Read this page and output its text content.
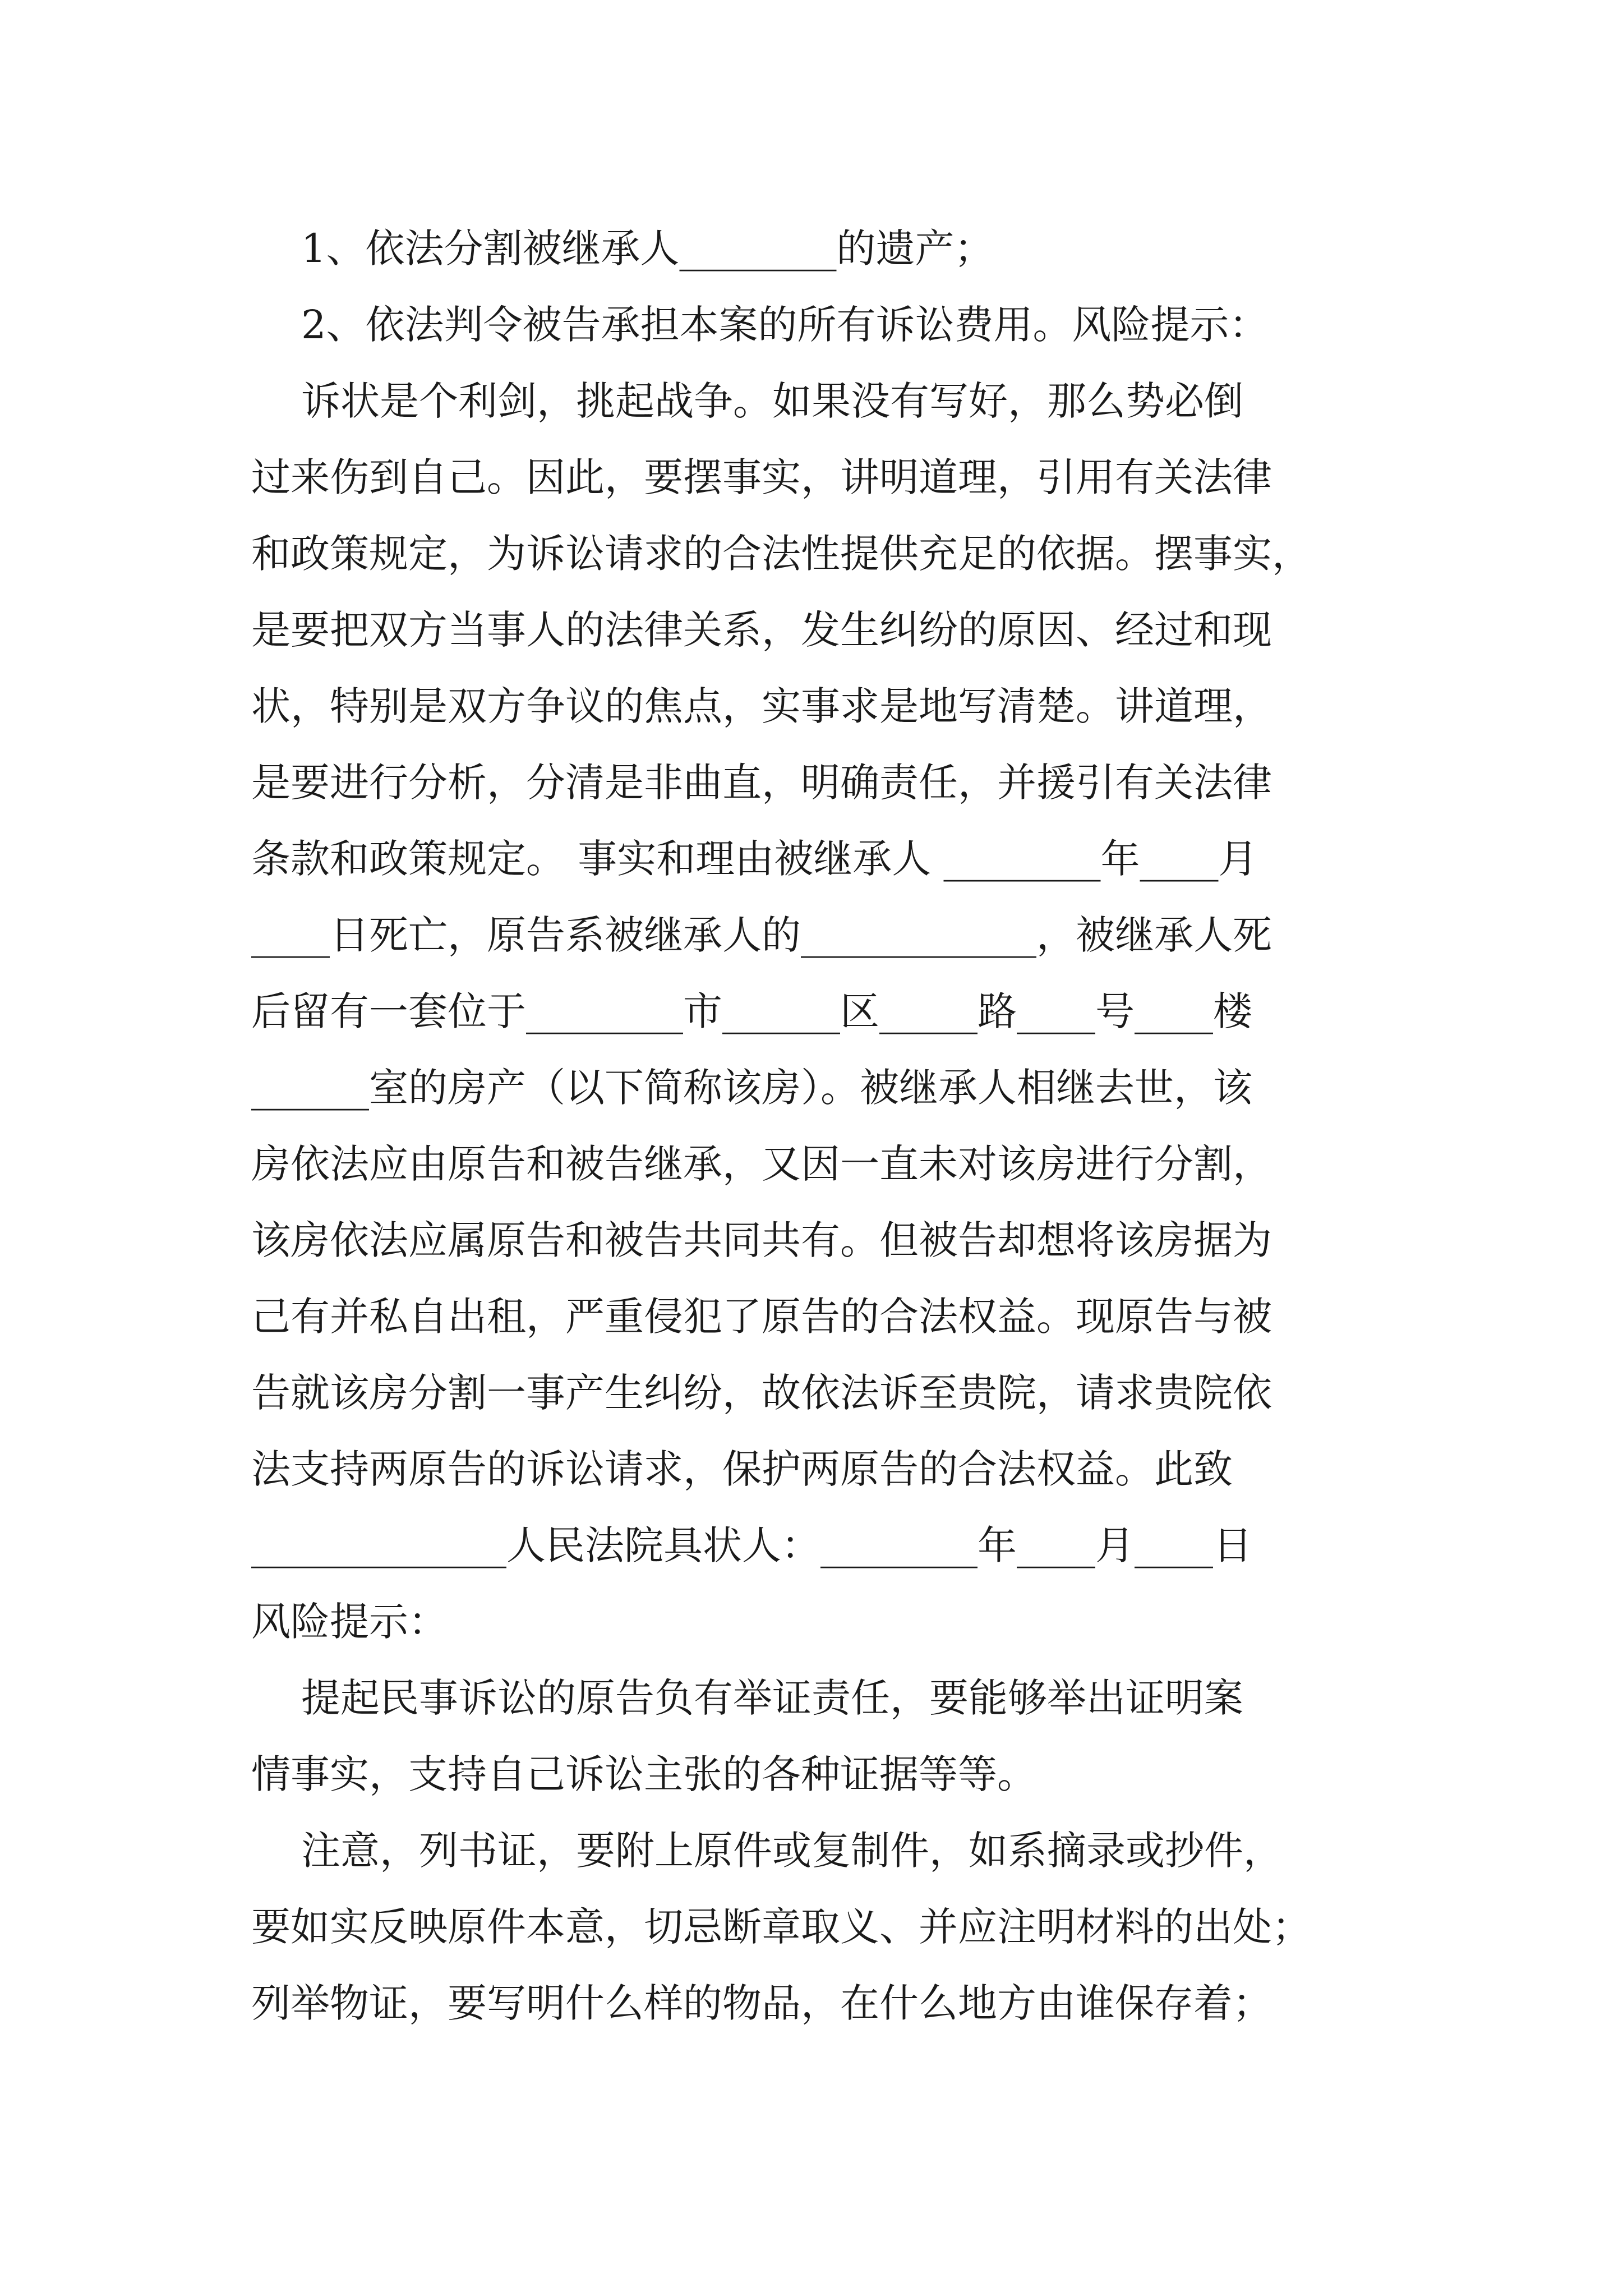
1、依法分割被继承人________的遗产；
2、依法判令被告承担本案的所有诉讼费用。风险提示：
诉状是个利剑，挑起战争。如果没有写好，那么势必倒
过来伤到自己。因此，要摆事实，讲明道理，引用有关法律
和政策规定，为诉讼请求的合法性提供充足的依据。摆事实，
是要把双方当事人的法律关系，发生纠纷的原因、经过和现
状，特别是双方争议的焦点，实事求是地写清楚。讲道理，
是要进行分析，分清是非曲直，明确责任，并援引有关法律
条款和政策规定。 事实和理由被继承人 ________年____月
____日死亡，原告系被继承人的____________，被继承人死
后留有一套位于________市______区_____路____号____楼
______室的房产（以下简称该房）。被继承人相继去世，该
房依法应由原告和被告继承，又因一直未对该房进行分割，
该房依法应属原告和被告共同共有。但被告却想将该房据为
己有并私自出租，严重侵犯了原告的合法权益。现原告与被
告就该房分割一事产生纠纷，故依法诉至贵院，请求贵院依
法支持两原告的诉讼请求，保护两原告的合法权益。此致
_____________人民法院具状人：________年____月____日
风险提示：
提起民事诉讼的原告负有举证责任，要能够举出证明案
情事实，支持自己诉讼主张的各种证据等等。
注意，列书证，要附上原件或复制件，如系摘录或抄件，
要如实反映原件本意，切忌断章取义、并应注明材料的出处；
列举物证，要写明什么样的物品，在什么地方由谁保存着；
